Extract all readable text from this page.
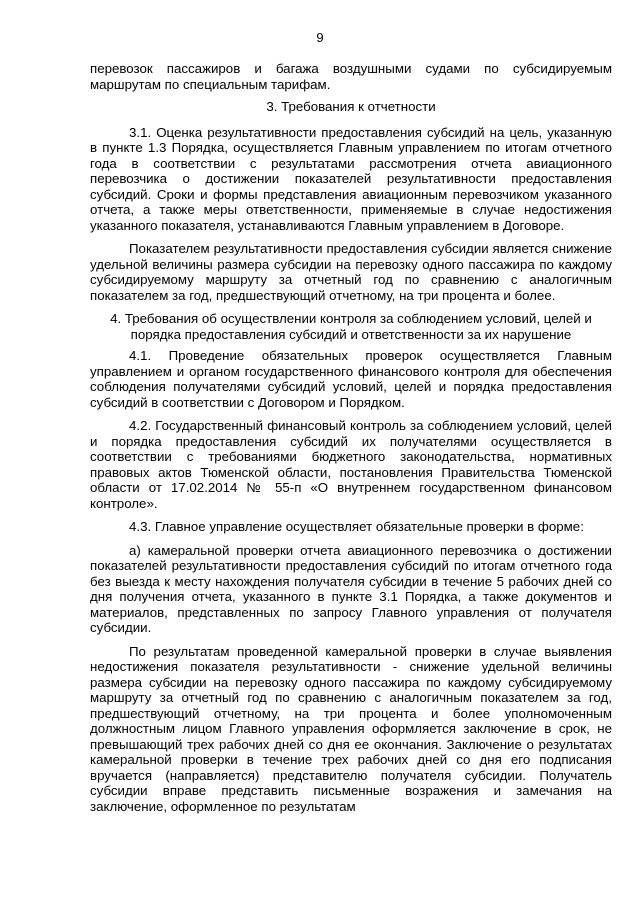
9

перевозок пассажиров и багажа воздушными судами по субсидируемым маршрутам по специальным тарифам.

3. Требования к отчетности

3.1. Оценка результативности предоставления субсидий на цель, указанную в пункте 1.3 Порядка, осуществляется Главным управлением по итогам отчетного года в соответствии с результатами рассмотрения отчета авиационного перевозчика о достижении показателей результативности предоставления субсидий. Сроки и формы представления авиационным перевозчиком указанного отчета, а также меры ответственности, применяемые в случае недостижения указанного показателя, устанавливаются Главным управлением в Договоре.

Показателем результативности предоставления субсидии является снижение удельной величины размера субсидии на перевозку одного пассажира по каждому субсидируемому маршруту за отчетный год по сравнению с аналогичным показателем за год, предшествующий отчетному, на три процента и более.

4. Требования об осуществлении контроля за соблюдением условий, целей и порядка предоставления субсидий и ответственности за их нарушение

4.1. Проведение обязательных проверок осуществляется Главным управлением и органом государственного финансового контроля для обеспечения соблюдения получателями субсидий условий, целей и порядка предоставления субсидий в соответствии с Договором и Порядком.

4.2. Государственный финансовый контроль за соблюдением условий, целей и порядка предоставления субсидий их получателями осуществляется в соответствии с требованиями бюджетного законодательства, нормативных правовых актов Тюменской области, постановления Правительства Тюменской области от 17.02.2014 № 55-п «О внутреннем государственном финансовом контроле».

4.3. Главное управление осуществляет обязательные проверки в форме:

а) камеральной проверки отчета авиационного перевозчика о достижении показателей результативности предоставления субсидий по итогам отчетного года без выезда к месту нахождения получателя субсидии в течение 5 рабочих дней со дня получения отчета, указанного в пункте 3.1 Порядка, а также документов и материалов, представленных по запросу Главного управления от получателя субсидии.

По результатам проведенной камеральной проверки в случае выявления недостижения показателя результативности - снижение удельной величины размера субсидии на перевозку одного пассажира по каждому субсидируемому маршруту за отчетный год по сравнению с аналогичным показателем за год, предшествующий отчетному, на три процента и более уполномоченным должностным лицом Главного управления оформляется заключение в срок, не превышающий трех рабочих дней со дня ее окончания. Заключение о результатах камеральной проверки в течение трех рабочих дней со дня его подписания вручается (направляется) представителю получателя субсидии. Получатель субсидии вправе представить письменные возражения и замечания на заключение, оформленное по результатам
